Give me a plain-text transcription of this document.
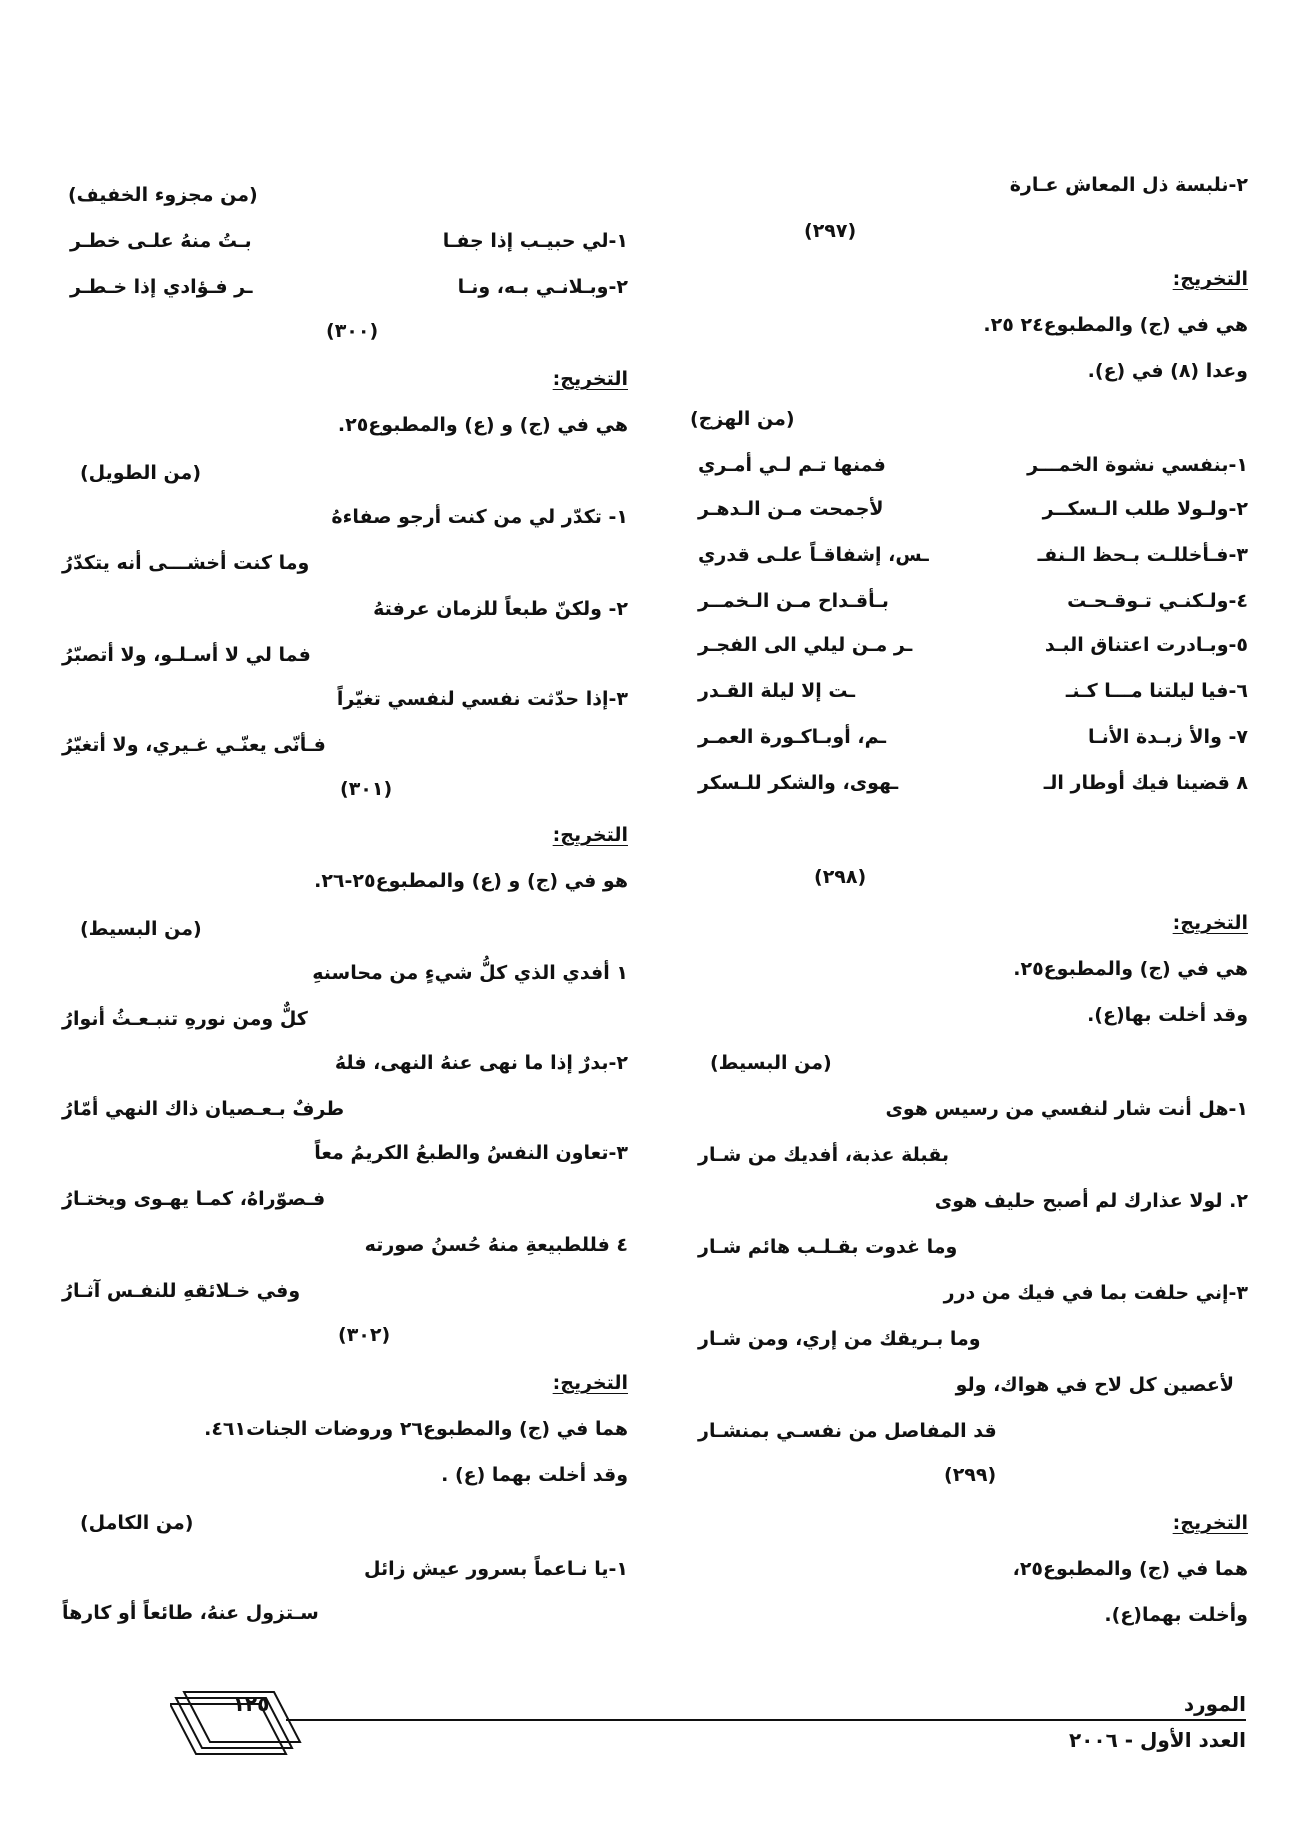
٢-نلبسة ذل المعاش عـارة
(٢٩٧)
التخريج:
هي في (ج) والمطبوع٢٤ ٢٥.
وعدا (٨) في (ع).
(من الهزج)
١-بنفسي نشوة الخمـــر
فمنها تـم لـي أمـري
٢-ولـولا طلب الـسكــر
لأجمحت مـن الـدهـر
٣-فـأخللـت بـحظ الـنفـ
ـس، إشفاقـاً علـى قدري
٤-ولـكنـي تـوقـحـت
بـأقـداح مـن الـخمــر
٥-وبـادرت اعتناق البـد
ـر مـن ليلي الى الفجـر
٦-فيا ليلتنا مـــا كـنـ
ـت إلا ليلة القـدر
٧- والأ زبـدة الأنـا
ـم، أوبـاكـورة العمـر
٨ قضينا فيك أوطار الـ
ـهوى، والشكر للـسكر
(٢٩٨)
التخريج:
هي في (ج) والمطبوع٢٥.
وقد أخلت بها(ع).
(من البسيط)
١-هل أنت شار لنفسي من رسيس هوى
بقبلة عذبة، أفديك من شـار
٢. لولا عذارك لم أصبح حليف هوى
وما غدوت بقـلـب هائم شـار
٣-إني حلفت بما في فيك من درر
وما بـريقك من إري، ومن شـار
لأعصين كل لاح في هواك، ولو
قد المفاصل من نفسـي بمنشـار
(٢٩٩)
التخريج:
هما في (ج) والمطبوع٢٥،
وأخلت بهما(ع).
(من مجزوء الخفيف)
١-لي حبيـب إذا جفـا
بـتُ منهُ علـى خطـر
٢-وبـلانـي بـه، ونـا
ـر فـؤادي إذا خـطـر
(٣٠٠)
التخريج:
هي في (ج) و (ع) والمطبوع٢٥.
(من الطويل)
١- تكدّر لي من كنت أرجو صفاءهُ
وما كنت أخشـــى أنه يتكدّرُ
٢- ولكنّ طبعاً للزمان عرفتهُ
فما لي لا أسـلـو، ولا أتصبّرُ
٣-إذا حدّثت نفسي لنفسي تغيّراً
فـأنّى يعنّـي غـيري، ولا أتغيّرُ
(٣٠١)
التخريج:
هو في (ج) و (ع) والمطبوع٢٥-٢٦.
(من البسيط)
١ أفدي الذي كلُّ شيءٍ من محاسنهِ
كلٌّ ومن نورهِ تنبـعـثُ أنوارُ
٢-بدرٌ إذا ما نهى عنهُ النهى، فلهُ
طرفٌ بـعـصيان ذاك النهي أمّارُ
٣-تعاون النفسُ والطبعُ الكريمُ معاً
فـصوّراهُ، كمـا يهـوى ويختـارُ
٤ فللطبيعةِ منهُ حُسنُ صورته
وفي خـلائقهِ للنفـس آثـارُ
(٣٠٢)
التخريج:
هما في (ج) والمطبوع٢٦ وروضات الجنات٤٦١.
وقد أخلت بهما (ع) .
(من الكامل)
١-يا نـاعماً بسرور عيش زائل
سـتزول عنهُ، طائعاً أو كارهاً
١٢٥	المورد
العدد الأول - ٢٠٠٦
